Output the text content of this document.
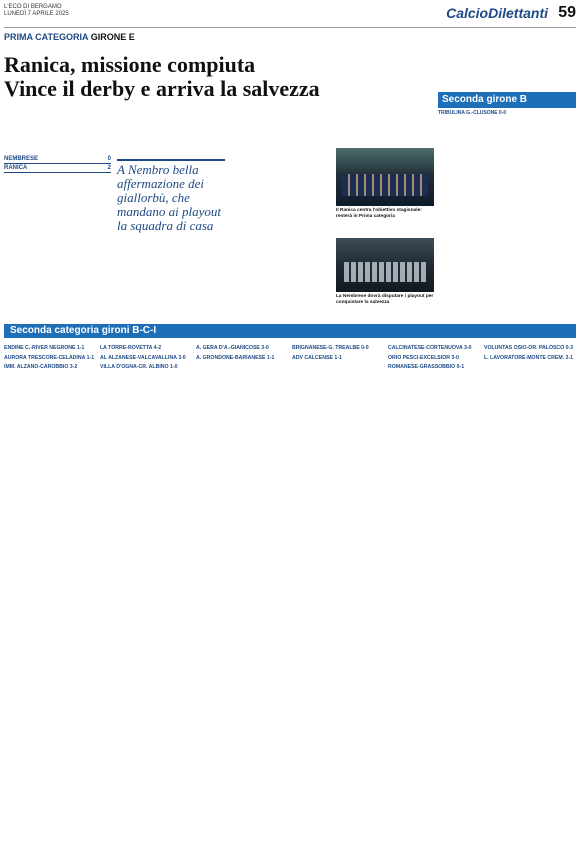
L'ECO DI BERGAMO
LUNEDÌ 7 APRILE 2025	CalcioDilettanti 59
PRIMA CATEGORIA GIRONE E
Ranica, missione compiuta
Vince il derby e arriva la salvezza	Seconda girone B
TRIBULINA G.-CLUSONE 0-0
NEMBRESE	0
RANICA	2 A Nembro bella affermazione dei giallorbù, che mandano ai playout la squadra di casa
Il Ranica centra l'obiettivo stagionale: resterà in Prima categoria
La Nembrese dovrà disputare i playout per conquistare la salvezza
Seconda categoria gironi B-C-I
ENDINE C.-RIVER NEGRONE 1-1
AURORA TRESCORE-CELADINA 1-1
IMM. ALZANO-CAROBBIO 3-2
LA TORRE-ROVETTA 4-2
AL ALZANESE-VALCAVALLINA 3-0
VILLA D'OGNA-CR. ALBINO 1-0
A. GERA D'A.-GIANICOSE 3-0
A. GRONDONE-BARIANESE 1-1
BRIGNANESE-G. TREALBE 0-0
ADV CALCENSE 1-1
CALCINATESE-CORTENUOVA 3-0
ORIO PESCI-EXCELSIOR 3-0
ROMANESE-GRASSOBBIO 0-1
VOLUNTAS OSIO-OR. PALOSCO 0-3
L. LAVORATORE-MONTE CREM. 3-1
